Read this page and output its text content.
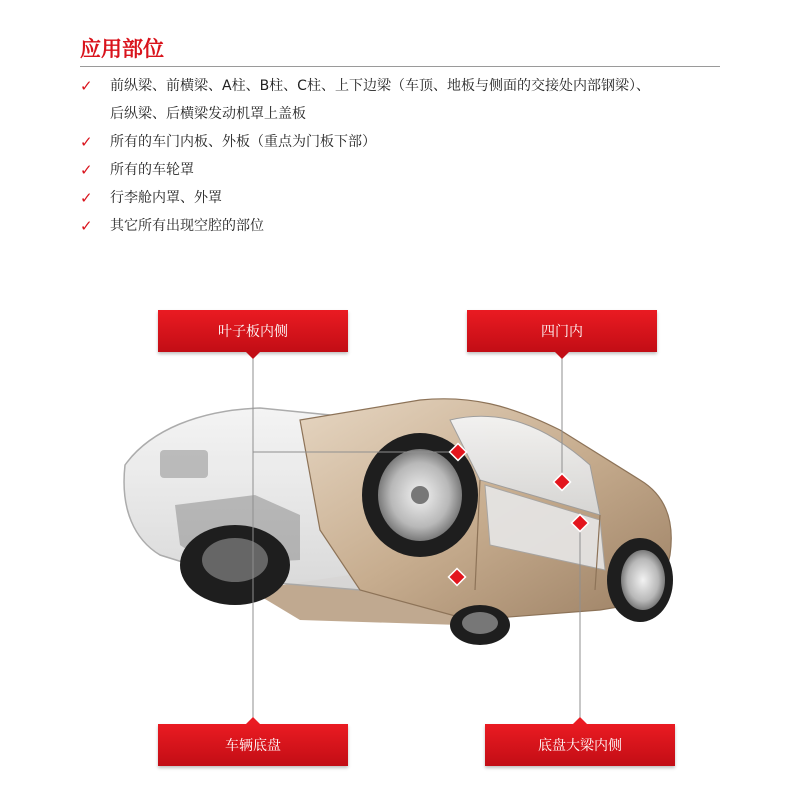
应用部位
✓	前纵梁、前横梁、A柱、B柱、C柱、上下边梁（车顶、地板与侧面的交接处内部钢梁）、
后纵梁、后横梁发动机罩上盖板
✓	所有的车门内板、外板（重点为门板下部）
✓	所有的车轮罩
✓	行李舱内罩、外罩
✓	其它所有出现空腔的部位
叶子板内侧	四门内
车辆底盘	底盘大梁内侧
